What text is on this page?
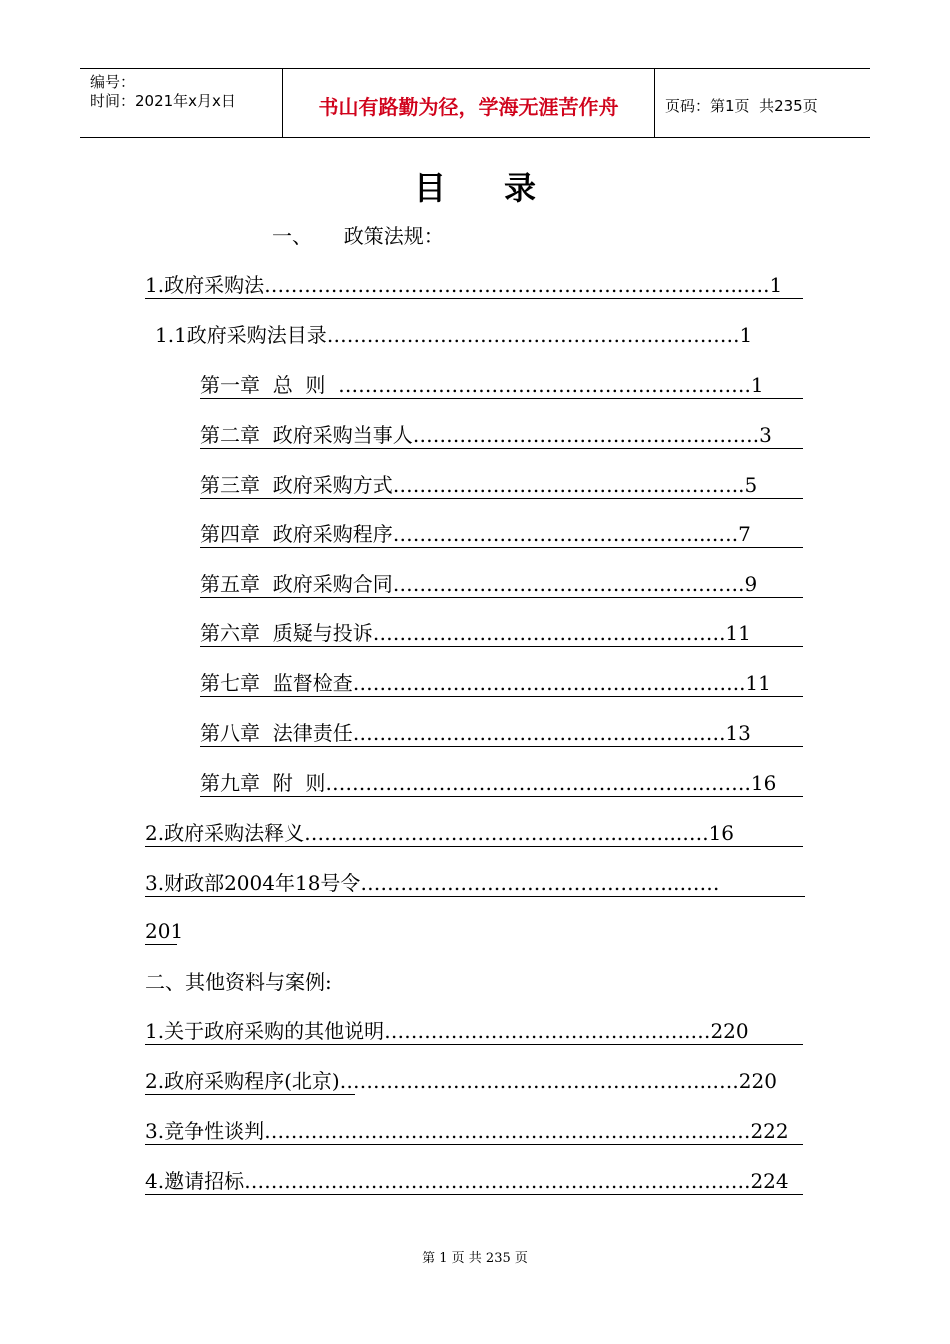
编号：
时间：2021年x月x日	书山有路勤为径，学海无涯苦作舟	页码：第1页  共235页
目录
一、     政策法规：
1.政府采购法……………………………………………………….……..….1
1.1政府采购法目录………………………………………….………….1
第一章  总  则  ……………………………………….…………….1
第二章  政府采购当事人…………………………………………….3
第三章  政府采购方式……………………………………...……..5
第四章  政府采购程序………………………………………...….7
第五章  政府采购合同…………………………………..…..…….9
第六章  质疑与投诉……………………………………….…….11
第七章  监督检查…………………………………………………..11
第八章  法律责任…………………………………………….….13
第九章  附  则………………………………………………...…….16
2.政府采购法释义………………………………………...……...….16
3.财政部2004年18号令………………………………………...……
201
二、其他资料与案例:
1.关于政府采购的其他说明……………………………………….…220
2.政府采购程序(北京)………………………………………………..….220
3.竞争性谈判…………………………………………………………….…222
4.邀请招标………………………………………………………………….224
第 1 页 共 235 页
